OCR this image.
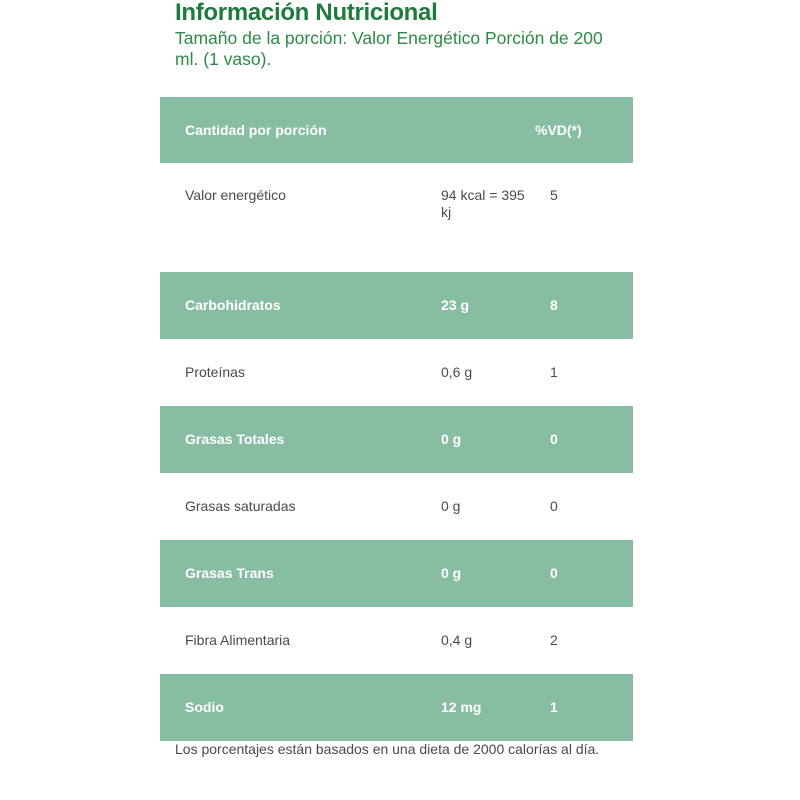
Información Nutricional

Tamaño de la porción: Valor Energético Porción de 200 ml. (1 vaso).

Cantidad por porción		%VD(*)
Valor energético	94 kcal = 395 kj	5
Carbohidratos	23 g	8
Proteínas	0,6 g	1
Grasas Totales	0 g	0
Grasas saturadas	0 g	0
Grasas Trans	0 g	0
Fibra Alimentaria	0,4 g	2
Sodio	12 mg	1

Los porcentajes están basados en una dieta de 2000 calorías al día.
